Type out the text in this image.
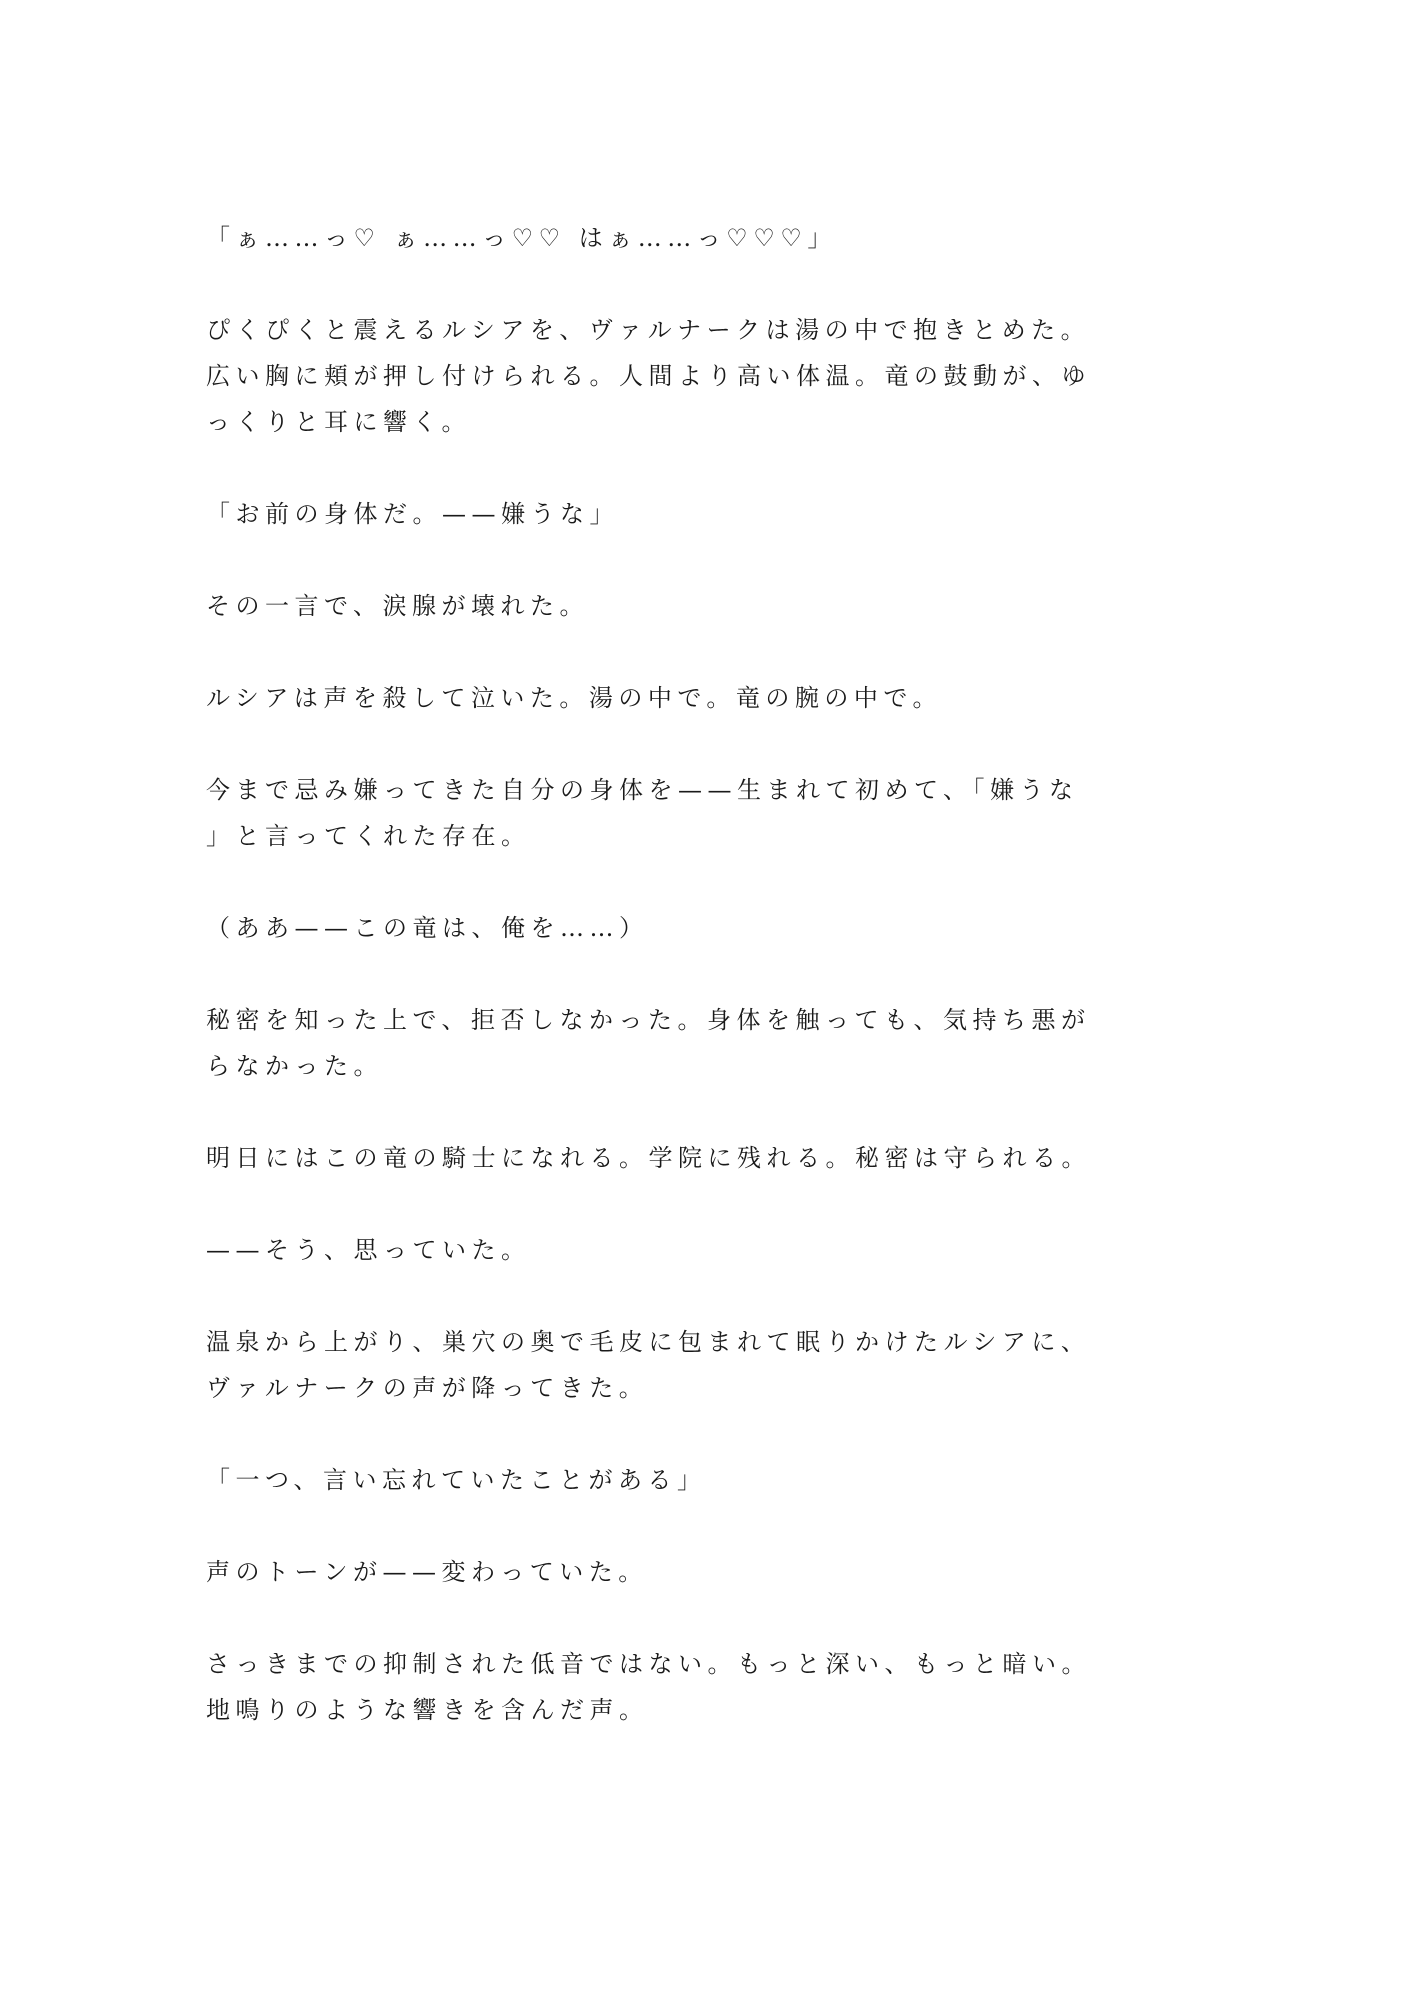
「ぁ……っ♡ ぁ……っ♡♡ はぁ……っ♡♡♡」
ぴくぴくと震えるルシアを、ヴァルナークは湯の中で抱きとめた。
広い胸に頬が押し付けられる。人間より高い体温。竜の鼓動が、ゆ
っくりと耳に響く。
「お前の身体だ。——嫌うな」
その一言で、涙腺が壊れた。
ルシアは声を殺して泣いた。湯の中で。竜の腕の中で。
今まで忌み嫌ってきた自分の身体を——生まれて初めて、「嫌うな
」と言ってくれた存在。
（ああ——この竜は、俺を……）
秘密を知った上で、拒否しなかった。身体を触っても、気持ち悪が
らなかった。
明日にはこの竜の騎士になれる。学院に残れる。秘密は守られる。
——そう、思っていた。
温泉から上がり、巣穴の奥で毛皮に包まれて眠りかけたルシアに、
ヴァルナークの声が降ってきた。
「一つ、言い忘れていたことがある」
声のトーンが——変わっていた。
さっきまでの抑制された低音ではない。もっと深い、もっと暗い。
地鳴りのような響きを含んだ声。
